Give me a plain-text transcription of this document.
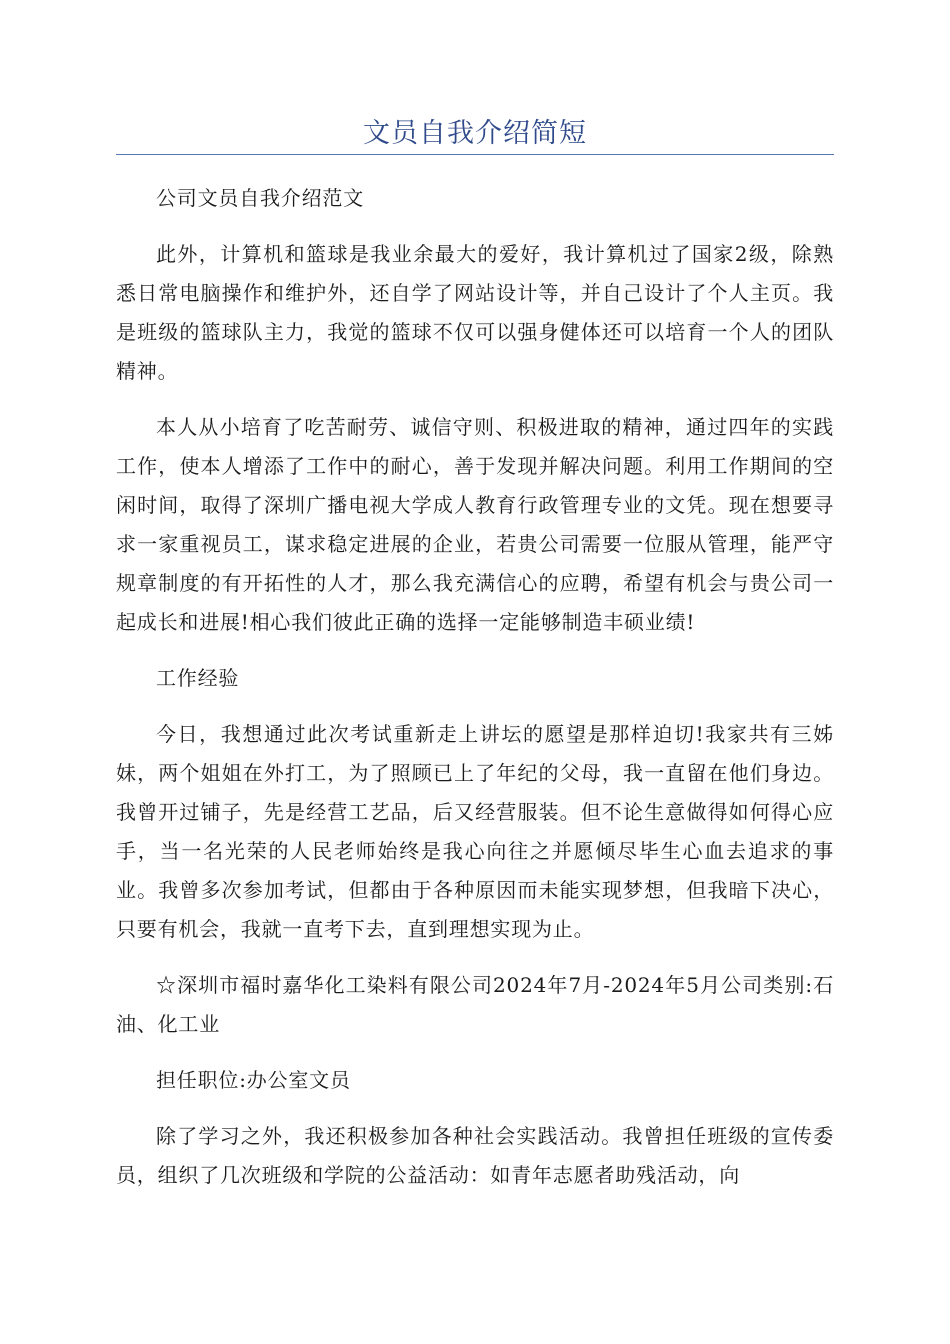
文员自我介绍简短

公司文员自我介绍范文

此外，计算机和篮球是我业余最大的爱好，我计算机过了国家2级，除熟悉日常电脑操作和维护外，还自学了网站设计等，并自己设计了个人主页。我是班级的篮球队主力，我觉的篮球不仅可以强身健体还可以培育一个人的团队精神。

本人从小培育了吃苦耐劳、诚信守则、积极进取的精神，通过四年的实践工作，使本人增添了工作中的耐心，善于发现并解决问题。利用工作期间的空闲时间，取得了深圳广播电视大学成人教育行政管理专业的文凭。现在想要寻求一家重视员工，谋求稳定进展的企业，若贵公司需要一位服从管理，能严守规章制度的有开拓性的人才，那么我充满信心的应聘，希望有机会与贵公司一起成长和进展!相心我们彼此正确的选择一定能够制造丰硕业绩!

工作经验

今日，我想通过此次考试重新走上讲坛的愿望是那样迫切!我家共有三姊妹，两个姐姐在外打工，为了照顾已上了年纪的父母，我一直留在他们身边。我曾开过铺子，先是经营工艺品，后又经营服装。但不论生意做得如何得心应手，当一名光荣的人民老师始终是我心向往之并愿倾尽毕生心血去追求的事业。我曾多次参加考试，但都由于各种原因而未能实现梦想，但我暗下决心，只要有机会，我就一直考下去，直到理想实现为止。

☆深圳市福时嘉华化工染料有限公司2024年7月-2024年5月公司类别:石油、化工业

担任职位:办公室文员

除了学习之外，我还积极参加各种社会实践活动。我曾担任班级的宣传委员，组织了几次班级和学院的公益活动：如青年志愿者助残活动，向
